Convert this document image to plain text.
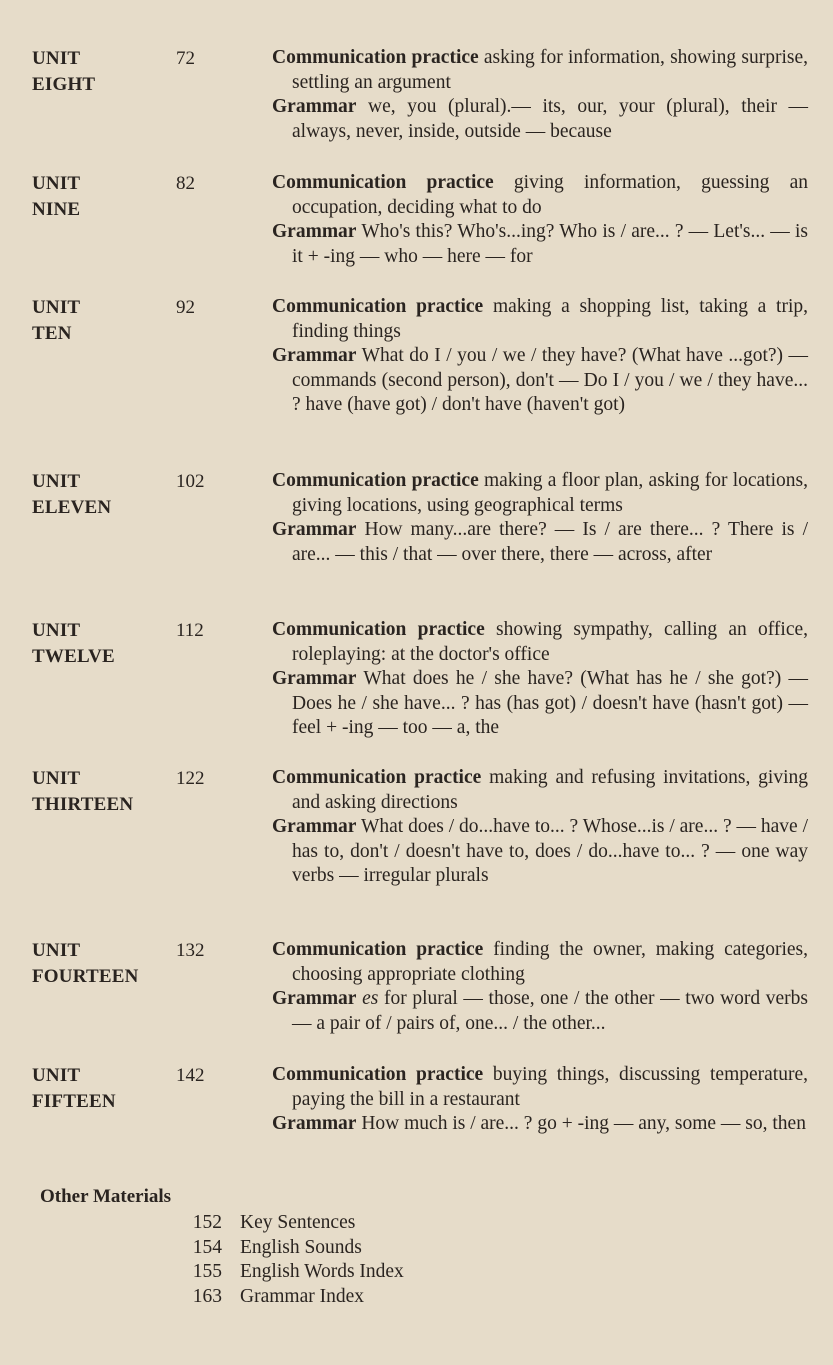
UNIT
EIGHT
72	Communication practice asking for information, showing surprise, settling an argument

Grammar we, you (plural).— its, our, your (plural), their — always, never, inside, outside — because

UNIT
NINE
82	Communication practice giving information, guessing an occupation, deciding what to do

Grammar Who's this? Who's...ing? Who is / are... ? — Let's... — is it + -ing — who — here — for

UNIT
TEN
92	Communication practice making a shopping list, taking a trip, finding things

Grammar What do I / you / we / they have? (What have ...got?) — commands (second person), don't — Do I / you / we / they have... ? have (have got) / don't have (haven't got)

UNIT
ELEVEN
102	Communication practice making a floor plan, asking for locations, giving locations, using geographical terms

Grammar How many...are there? — Is / are there... ? There is / are... — this / that — over there, there — across, after

UNIT
TWELVE
112	Communication practice showing sympathy, calling an office, roleplaying: at the doctor's office

Grammar What does he / she have? (What has he / she got?) — Does he / she have... ? has (has got) / doesn't have (hasn't got) — feel + -ing — too — a, the

UNIT
THIRTEEN
122	Communication practice making and refusing invitations, giving and asking directions

Grammar What does / do...have to... ? Whose...is / are... ? — have / has to, don't / doesn't have to, does / do...have to... ? — one way verbs — irregular plurals

UNIT
FOURTEEN
132	Communication practice finding the owner, making categories, choosing appropriate clothing

Grammar es for plural — those, one / the other — two word verbs — a pair of / pairs of, one... / the other...

UNIT
FIFTEEN
142	Communication practice buying things, discussing temperature, paying the bill in a restaurant

Grammar How much is / are... ? go + -ing — any, some — so, then

Other Materials
152 Key Sentences
154 English Sounds
155 English Words Index
163 Grammar Index
